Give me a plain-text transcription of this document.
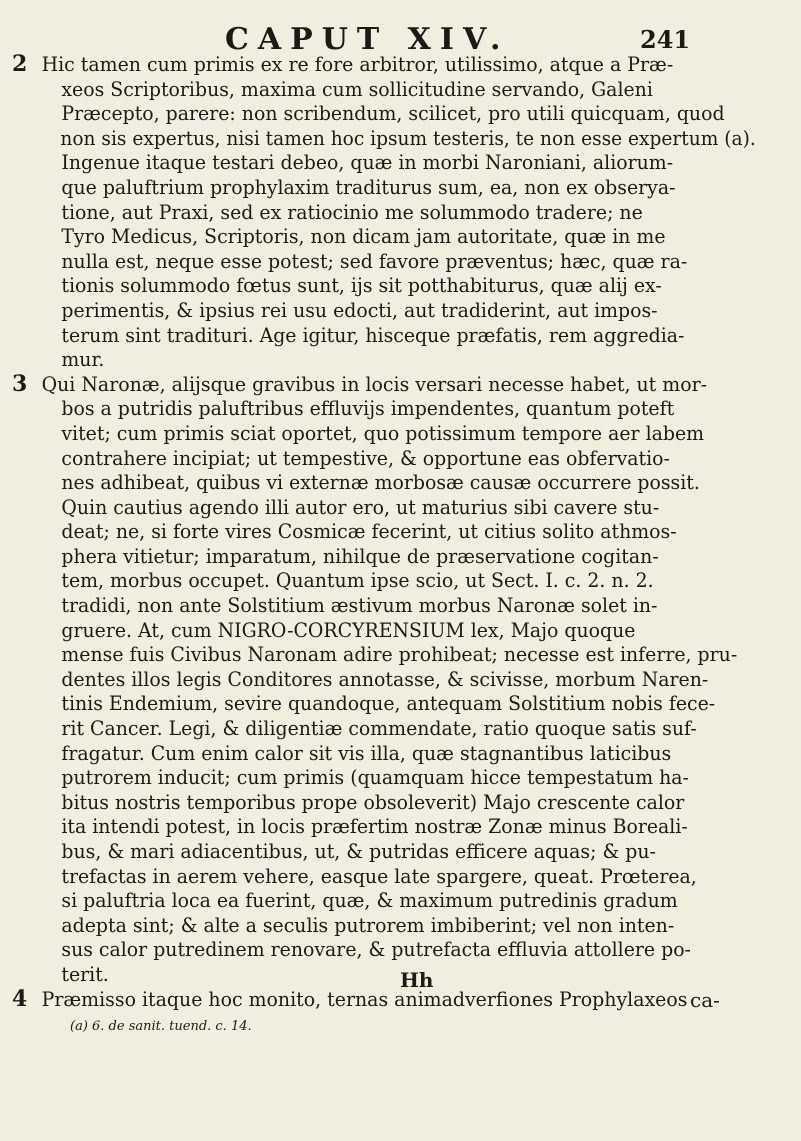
CAPUT XIV.	241
2 Hic tamen cum primis ex re fore arbitror, utilissimo, atque a Præ-
xeos Scriptoribus, maxima cum sollicitudine servando, Galeni
Præcepto, parere: non scribendum, scilicet, pro utili quicquam, quod
non sis expertus, nisi tamen hoc ipsum testeris, te non esse expertum (a).
Ingenue itaque testari debeo, quæ in morbi Naroniani, aliorum-
que paluftrium prophylaxim traditurus sum, ea, non ex obserya-
tione, aut Praxi, sed ex ratiocinio me solummodo tradere; ne
Tyro Medicus, Scriptoris, non dicam jam autoritate, quæ in me
nulla est, neque esse potest; sed favore præventus; hæc, quæ ra-
tionis solummodo fœtus sunt, ijs sit potthabiturus, quæ alij ex-
perimentis, & ipsius rei usu edocti, aut tradiderint, aut impos-
terum sint tradituri. Age igitur, hisceque præfatis, rem aggredia-
mur.
3 Qui Naronæ, alijsque gravibus in locis versari necesse habet, ut mor-
bos a putridis paluftribus effluvijs impendentes, quantum poteft
vitet; cum primis sciat oportet, quo potissimum tempore aer labem
contrahere incipiat; ut tempestive, & opportune eas obfervatio-
nes adhibeat, quibus vi externæ morbosæ causæ occurrere possit.
Quin cautius agendo illi autor ero, ut maturius sibi cavere stu-
deat; ne, si forte vires Cosmicæ fecerint, ut citius solito athmos-
phera vitietur; imparatum, nihilque de præservatione cogitan-
tem, morbus occupet. Quantum ipse scio, ut Sect. I. c. 2. n. 2.
tradidi, non ante Solstitium æstivum morbus Naronæ solet in-
gruere. At, cum NIGRO-CORCYRENSIUM lex, Majo quoque
mense fuis Civibus Naronam adire prohibeat; necesse est inferre, pru-
dentes illos legis Conditores annotasse, & scivisse, morbum Naren-
tinis Endemium, sevire quandoque, antequam Solstitium nobis fece-
rit Cancer. Legi, & diligentiæ commendate, ratio quoque satis suf-
fragatur. Cum enim calor sit vis illa, quæ stagnantibus laticibus
putrorem inducit; cum primis (quamquam hicce tempestatum ha-
bitus nostris temporibus prope obsoleverit) Majo crescente calor
ita intendi potest, in locis præfertim nostræ Zonæ minus Boreali-
bus, & mari adiacentibus, ut, & putridas efficere aquas; & pu-
trefactas in aerem vehere, easque late spargere, queat. Prœterea,
si paluftria loca ea fuerint, quæ, & maximum putredinis gradum
adepta sint; & alte a seculis putrorem imbiberint; vel non inten-
sus calor putredinem renovare, & putrefacta effluvia attollere po-
terit.
4 Præmisso itaque hoc monito, ternas animadverfiones Prophylaxeos
Hh
ca-
(a) 6. de sanit. tuend. c. 14.
